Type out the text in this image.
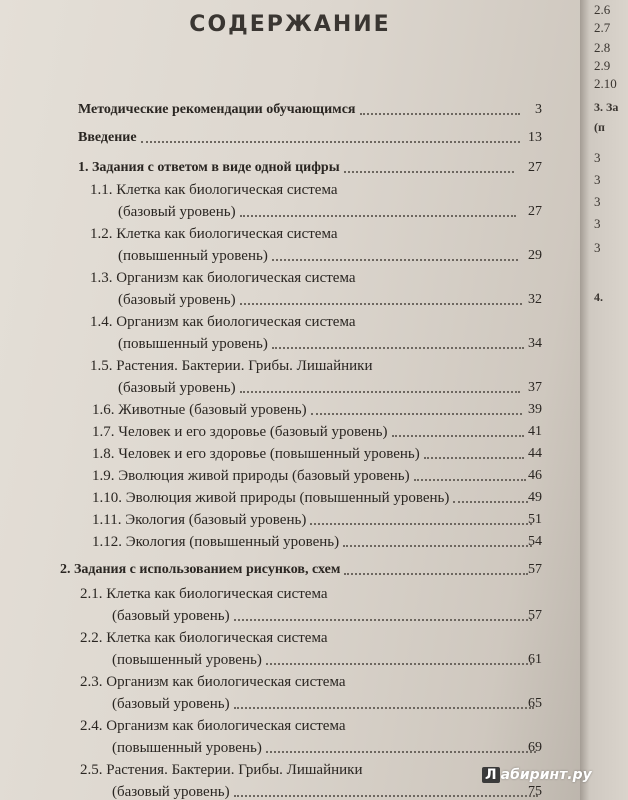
СОДЕРЖАНИЕ
Методические рекомендации обучающимся	3
Введение	13
1. Задания с ответом в виде одной цифры	27
1.1. Клетка как биологическая система
(базовый уровень)	27
1.2. Клетка как биологическая система
(повышенный уровень)	29
1.3. Организм как биологическая система
(базовый уровень)	32
1.4. Организм как биологическая система
(повышенный уровень)	34
1.5. Растения. Бактерии. Грибы. Лишайники
(базовый уровень)	37
1.6. Животные (базовый уровень)	39
1.7. Человек и его здоровье (базовый уровень)	41
1.8. Человек и его здоровье (повышенный уровень)	44
1.9. Эволюция живой природы (базовый уровень)	46
1.10. Эволюция живой природы (повышенный уровень)	49
1.11. Экология (базовый уровень)	51
1.12. Экология (повышенный уровень)	54
2. Задания с использованием рисунков, схем	57
2.1. Клетка как биологическая система
(базовый уровень)	57
2.2. Клетка как биологическая система
(повышенный уровень)	61
2.3. Организм как биологическая система
(базовый уровень)	65
2.4. Организм как биологическая система
(повышенный уровень)	69
2.5. Растения. Бактерии. Грибы. Лишайники
(базовый уровень)	75
2.6
2.7
2.8
2.9
2.10
3. За
(п
3
3
3
3
3
4.
Л абиринт.ру
